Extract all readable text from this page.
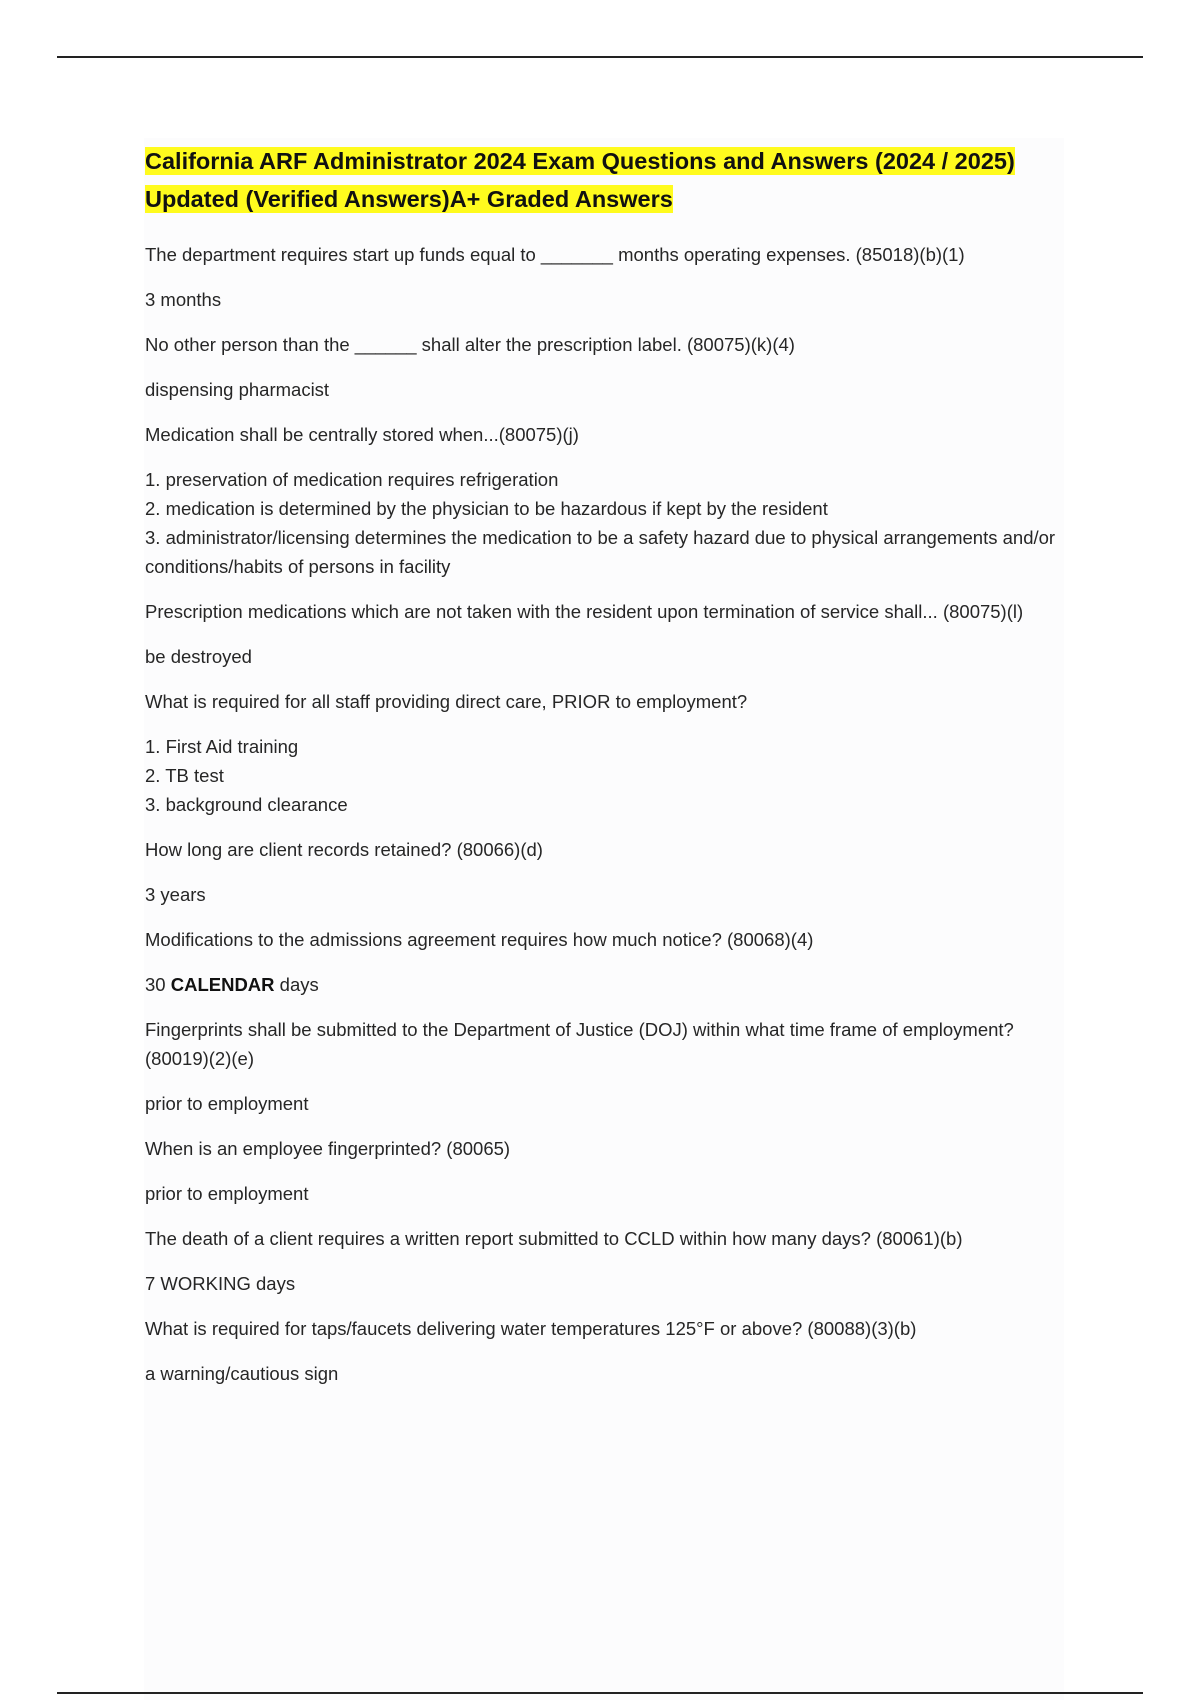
California ARF Administrator 2024 Exam Questions and Answers (2024 / 2025)
Updated (Verified Answers)A+ Graded Answers

The department requires start up funds equal to _______ months operating expenses. (85018)(b)(1)

3 months

No other person than the ______ shall alter the prescription label. (80075)(k)(4)

dispensing pharmacist

Medication shall be centrally stored when...(80075)(j)

1. preservation of medication requires refrigeration
2. medication is determined by the physician to be hazardous if kept by the resident
3. administrator/licensing determines the medication to be a safety hazard due to physical arrangements and/or conditions/habits of persons in facility

Prescription medications which are not taken with the resident upon termination of service shall... (80075)(l)

be destroyed

What is required for all staff providing direct care, PRIOR to employment?

1. First Aid training
2. TB test
3. background clearance

How long are client records retained? (80066)(d)

3 years

Modifications to the admissions agreement requires how much notice? (80068)(4)

30 CALENDAR days

Fingerprints shall be submitted to the Department of Justice (DOJ) within what time frame of employment? (80019)(2)(e)

prior to employment

When is an employee fingerprinted? (80065)

prior to employment

The death of a client requires a written report submitted to CCLD within how many days? (80061)(b)

7 WORKING days

What is required for taps/faucets delivering water temperatures 125°F or above? (80088)(3)(b)

a warning/cautious sign
